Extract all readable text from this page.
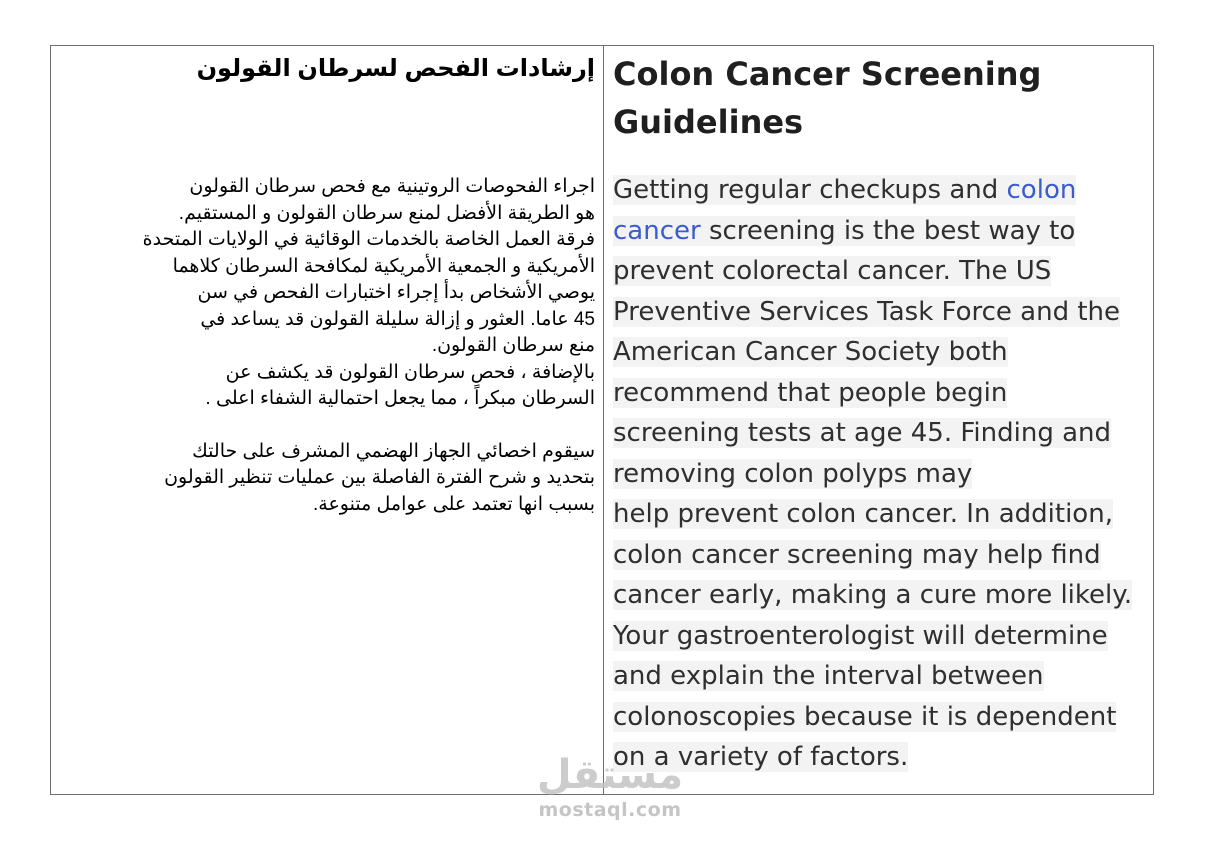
إرشادات الفحص لسرطان القولون
اجراء الفحوصات الروتينية مع فحص سرطان القولون
هو الطريقة الأفضل لمنع سرطان القولون و المستقيم.
فرقة العمل الخاصة بالخدمات الوقائية في الولايات المتحدة
الأمريكية و الجمعية الأمريكية لمكافحة السرطان كلاهما
يوصي الأشخاص بدأ إجراء اختبارات الفحص في سن
45 عاما. العثور و إزالة سليلة القولون قد يساعد في
منع سرطان القولون.
بالإضافة ، فحص سرطان القولون قد يكشف عن
السرطان مبكراً ، مما يجعل احتمالية الشفاء اعلى .
سيقوم اخصائي الجهاز الهضمي المشرف على حالتك
بتحديد و شرح الفترة الفاصلة بين عمليات تنظير القولون
بسبب انها تعتمد على عوامل متنوعة.
Colon Cancer Screening
Guidelines
Getting regular checkups and colon
cancer screening is the best way to
prevent colorectal cancer. The US
Preventive Services Task Force and the
American Cancer Society both
recommend that people begin
screening tests at age 45. Finding and
removing colon polyps may
help prevent colon cancer. In addition,
colon cancer screening may help find
cancer early, making a cure more likely.
Your gastroenterologist will determine
and explain the interval between
colonoscopies because it is dependent
on a variety of factors.
مستقل
mostaql.com
